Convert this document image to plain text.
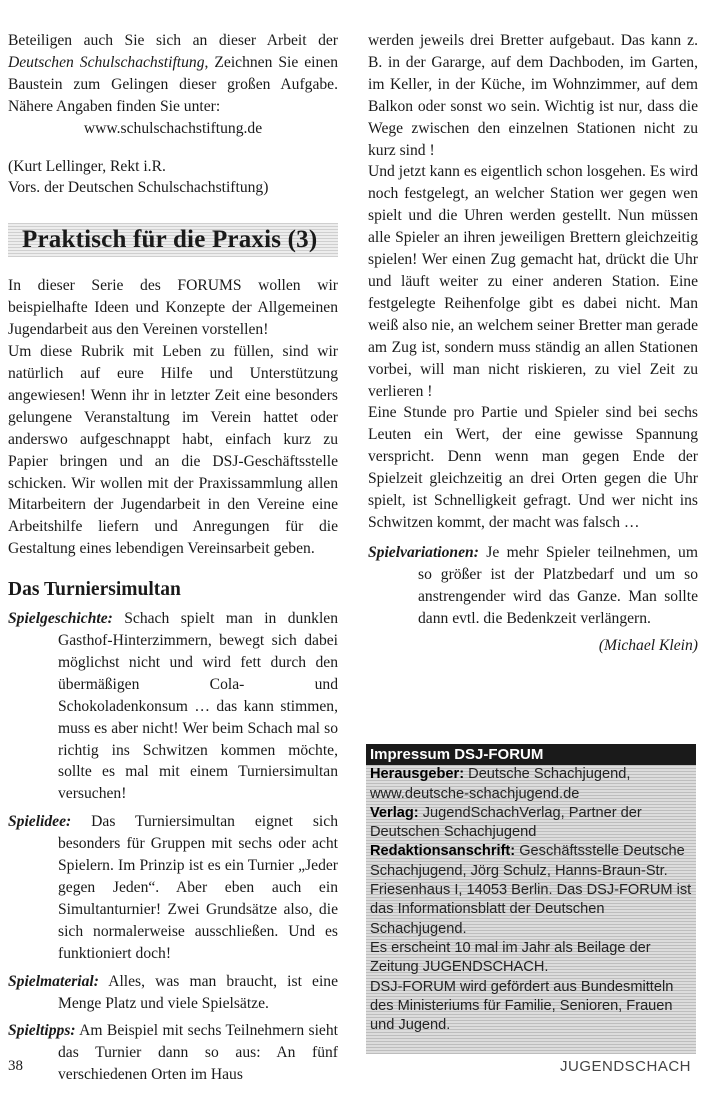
Beteiligen auch Sie sich an dieser Arbeit der Deutschen Schulschachstiftung, Zeichnen Sie einen Baustein zum Gelingen dieser großen Aufgabe. Nähere Angaben finden Sie unter:

www.schulschachstiftung.de

(Kurt Lellinger, Rekt i.R.

Vors. der Deutschen Schulschachstiftung)

Praktisch für die Praxis (3)

In dieser Serie des FORUMS wollen wir beispielhafte Ideen und Konzepte der Allgemeinen Jugendarbeit aus den Vereinen vorstellen!

Um diese Rubrik mit Leben zu füllen, sind wir natürlich auf eure Hilfe und Unterstützung angewiesen! Wenn ihr in letzter Zeit eine besonders gelungene Veranstaltung im Verein hattet oder anderswo aufgeschnappt habt, einfach kurz zu Papier bringen und an die DSJ-Geschäftsstelle schicken. Wir wollen mit der Praxissammlung allen Mitarbeitern der Jugendarbeit in den Vereine eine Arbeitshilfe liefern und Anregungen für die Gestaltung eines lebendigen Vereinsarbeit geben.

Das Turniersimultan

Spielgeschichte: Schach spielt man in dunklen Gasthof-Hinterzimmern, bewegt sich dabei möglichst nicht und wird fett durch den übermäßigen Cola- und Schokoladenkonsum … das kann stimmen, muss es aber nicht! Wer beim Schach mal so richtig ins Schwitzen kommen möchte, sollte es mal mit einem Turniersimultan versuchen!

Spielidee: Das Turniersimultan eignet sich besonders für Gruppen mit sechs oder acht Spielern. Im Prinzip ist es ein Turnier „Jeder gegen Jeden“. Aber eben auch ein Simultanturnier! Zwei Grundsätze also, die sich normalerweise ausschließen. Und es funktioniert doch!

Spielmaterial: Alles, was man braucht, ist eine Menge Platz und viele Spielsätze.

Spieltipps: Am Beispiel mit sechs Teilnehmern sieht das Turnier dann so aus: An fünf verschiedenen Orten im Haus

werden jeweils drei Bretter aufgebaut. Das kann z. B. in der Gararge, auf dem Dachboden, im Garten, im Keller, in der Küche, im Wohnzimmer, auf dem Balkon oder sonst wo sein. Wichtig ist nur, dass die Wege zwischen den einzelnen Stationen nicht zu kurz sind !

Und jetzt kann es eigentlich schon losgehen. Es wird noch festgelegt, an welcher Station wer gegen wen spielt und die Uhren werden gestellt. Nun müssen alle Spieler an ihren jeweiligen Brettern gleichzeitig spielen! Wer einen Zug gemacht hat, drückt die Uhr und läuft weiter zu einer anderen Station. Eine festgelegte Reihenfolge gibt es dabei nicht. Man weiß also nie, an welchem seiner Bretter man gerade am Zug ist, sondern muss ständig an allen Stationen vorbei, will man nicht riskieren, zu viel Zeit zu verlieren !

Eine Stunde pro Partie und Spieler sind bei sechs Leuten ein Wert, der eine gewisse Spannung verspricht. Denn wenn man gegen Ende der Spielzeit gleichzeitig an drei Orten gegen die Uhr spielt, ist Schnelligkeit gefragt. Und wer nicht ins Schwitzen kommt, der macht was falsch …

Spielvariationen: Je mehr Spieler teilnehmen, um so größer ist der Platzbedarf und um so anstrengender wird das Ganze. Man sollte dann evtl. die Bedenkzeit verlängern.

(Michael Klein)

Impressum DSJ-FORUM
Herausgeber: Deutsche Schachjugend, www.deutsche-schachjugend.de
Verlag: JugendSchachVerlag, Partner der Deutschen Schachjugend
Redaktionsanschrift: Geschäftsstelle Deutsche Schachjugend, Jörg Schulz, Hanns-Braun-Str. Friesenhaus I, 14053 Berlin. Das DSJ-FORUM ist das Informationsblatt der Deutschen Schachjugend.
Es erscheint 10 mal im Jahr als Beilage der Zeitung JUGENDSCHACH.
DSJ-FORUM wird gefördert aus Bundesmitteln des Ministeriums für Familie, Senioren, Frauen und Jugend.
38	JUGENDSCHACH
